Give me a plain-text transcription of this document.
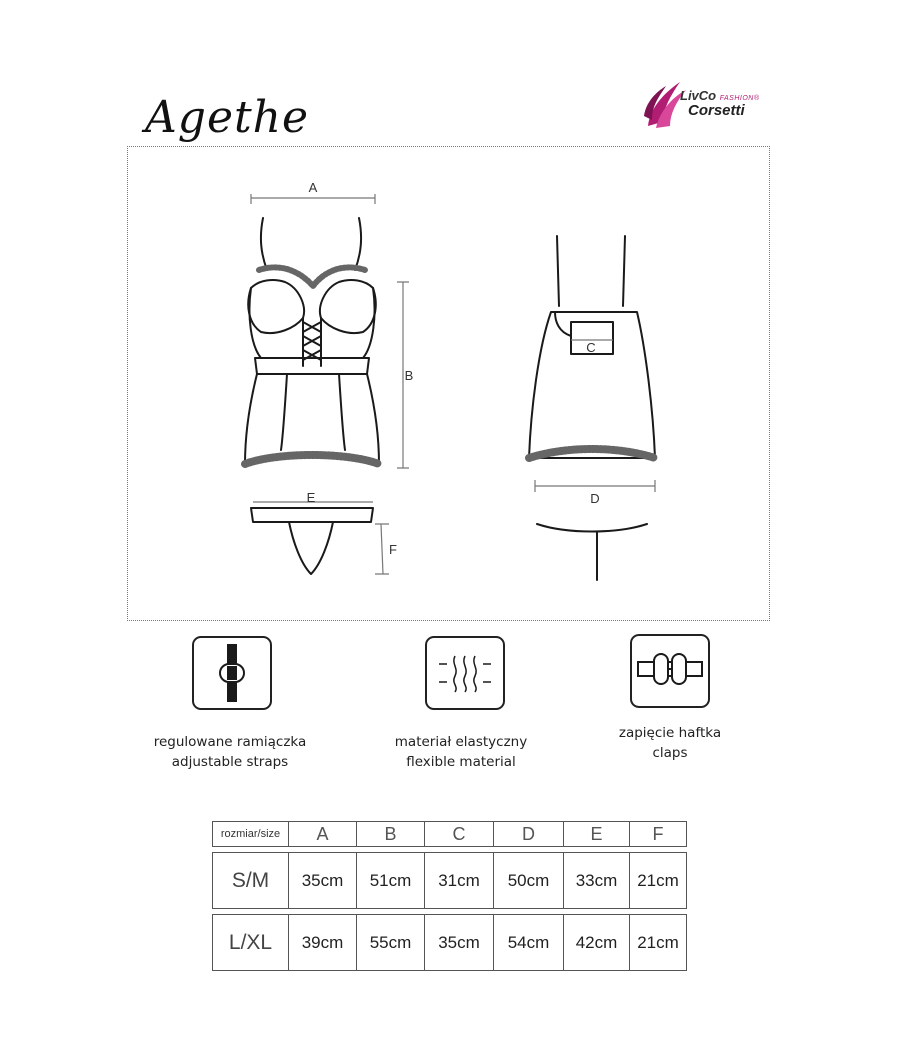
Agethe	LivCo FASHION®
Corsetti
A
B
C
D
E
F
regulowane ramiączka
adjustable straps
materiał elastyczny
flexible material
zapięcie haftka
claps
rozmiar/size	A	B	C	D	E	F

S/M	35cm	51cm	31cm	50cm	33cm	21cm

L/XL	39cm	55cm	35cm	54cm	42cm	21cm
